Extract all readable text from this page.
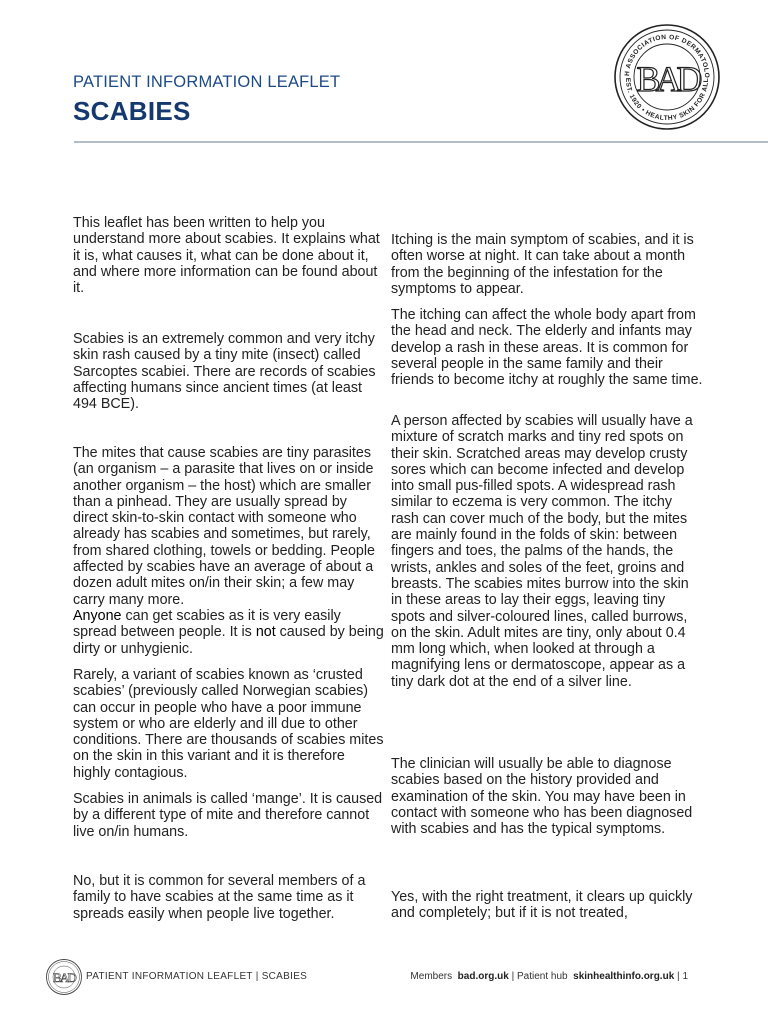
PATIENT INFORMATION LEAFLET
SCABIES
H ASSOCIATION OF DERMATOLO
EST. 1920 • HEALTHY SKIN FOR ALL
BAD

This leaflet has been written to help you understand more about scabies. It explains what it is, what causes it, what can be done about it, and where more information can be found about it.

Scabies is an extremely common and very itchy skin rash caused by a tiny mite (insect) called Sarcoptes scabiei. There are records of scabies affecting humans since ancient times (at least 494 BCE).

The mites that cause scabies are tiny parasites (an organism – a parasite that lives on or inside another organism – the host) which are smaller than a pinhead. They are usually spread by direct skin-to-skin contact with someone who already has scabies and sometimes, but rarely, from shared clothing, towels or bedding. People affected by scabies have an average of about a dozen adult mites on/in their skin; a few may carry many more.

Anyone can get scabies as it is very easily spread between people. It is not caused by being dirty or unhygienic.

Rarely, a variant of scabies known as ‘crusted scabies’ (previously called Norwegian scabies) can occur in people who have a poor immune system or who are elderly and ill due to other conditions. There are thousands of scabies mites on the skin in this variant and it is therefore highly contagious.

Scabies in animals is called ‘mange’. It is caused by a different type of mite and therefore cannot live on/in humans.

No, but it is common for several members of a family to have scabies at the same time as it spreads easily when people live together.

Itching is the main symptom of scabies, and it is often worse at night. It can take about a month from the beginning of the infestation for the symptoms to appear.

The itching can affect the whole body apart from the head and neck. The elderly and infants may develop a rash in these areas. It is common for several people in the same family and their friends to become itchy at roughly the same time.

A person affected by scabies will usually have a mixture of scratch marks and tiny red spots on their skin. Scratched areas may develop crusty sores which can become infected and develop into small pus-filled spots. A widespread rash similar to eczema is very common. The itchy rash can cover much of the body, but the mites are mainly found in the folds of skin: between fingers and toes, the palms of the hands, the wrists, ankles and soles of the feet, groins and breasts. The scabies mites burrow into the skin in these areas to lay their eggs, leaving tiny spots and silver-coloured lines, called burrows, on the skin. Adult mites are tiny, only about 0.4 mm long which, when looked at through a magnifying lens or dermatoscope, appear as a tiny dark dot at the end of a silver line.

The clinician will usually be able to diagnose scabies based on the history provided and examination of the skin. You may have been in contact with someone who has been diagnosed with scabies and has the typical symptoms.

Yes, with the right treatment, it clears up quickly and completely; but if it is not treated,

BAD PATIENT INFORMATION LEAFLET | SCABIES	Members bad.org.uk | Patient hub skinhealthinfo.org.uk | 1
